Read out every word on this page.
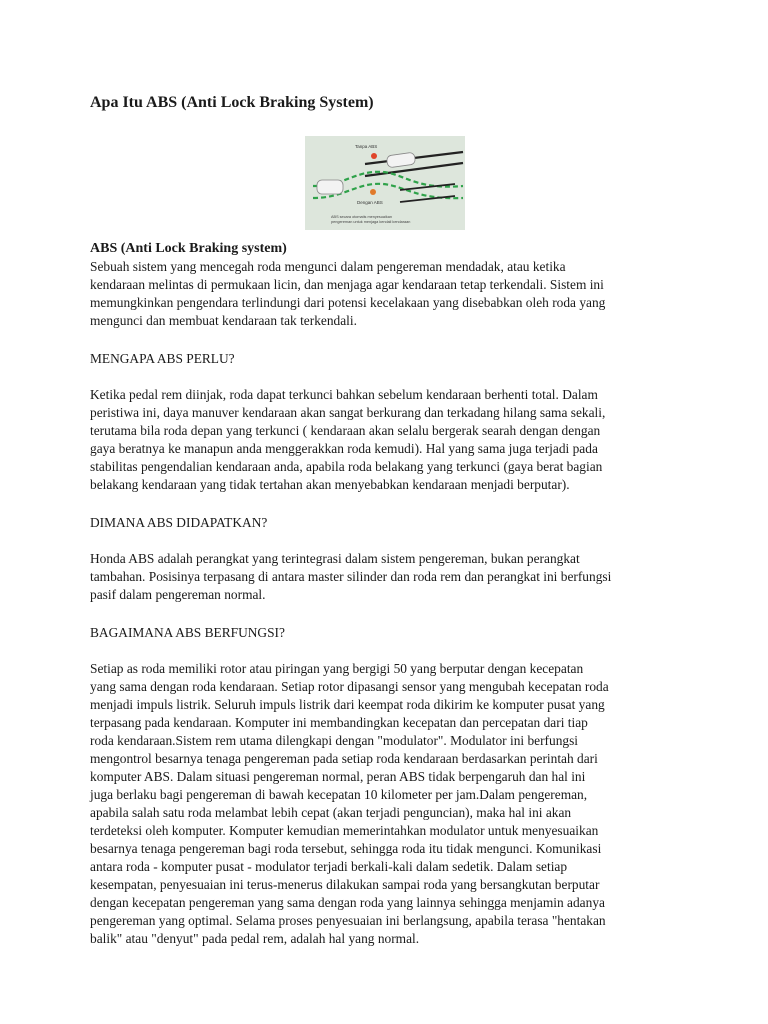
Apa Itu ABS (Anti Lock Braking System)
Tanpa ABS
Dengan ABS
ABS secara otomatis menyesuaikan
pengereman untuk menjaga kendali kendaraan
ABS (Anti Lock Braking system)

Sebuah sistem yang mencegah roda mengunci dalam pengereman mendadak, atau ketika
kendaraan melintas di permukaan licin, dan menjaga agar kendaraan tetap terkendali. Sistem ini
memungkinkan pengendara terlindungi dari potensi kecelakaan yang disebabkan oleh roda yang
mengunci dan membuat kendaraan tak terkendali.

MENGAPA ABS PERLU?

Ketika pedal rem diinjak, roda dapat terkunci bahkan sebelum kendaraan berhenti total. Dalam
peristiwa ini, daya manuver kendaraan akan sangat berkurang dan terkadang hilang sama sekali,
terutama bila roda depan yang terkunci ( kendaraan akan selalu bergerak searah dengan dengan
gaya beratnya ke manapun anda menggerakkan roda kemudi). Hal yang sama juga terjadi pada
stabilitas pengendalian kendaraan anda, apabila roda belakang yang terkunci (gaya berat bagian
belakang kendaraan yang tidak tertahan akan menyebabkan kendaraan menjadi berputar).

DIMANA ABS DIDAPATKAN?

Honda ABS adalah perangkat yang terintegrasi dalam sistem pengereman, bukan perangkat
tambahan. Posisinya terpasang di antara master silinder dan roda rem dan perangkat ini berfungsi
pasif dalam pengereman normal.

BAGAIMANA ABS BERFUNGSI?

Setiap as roda memiliki rotor atau piringan yang bergigi 50 yang berputar dengan kecepatan
yang sama dengan roda kendaraan. Setiap rotor dipasangi sensor yang mengubah kecepatan roda
menjadi impuls listrik. Seluruh impuls listrik dari keempat roda dikirim ke komputer pusat yang
terpasang pada kendaraan. Komputer ini membandingkan kecepatan dan percepatan dari tiap
roda kendaraan.Sistem rem utama dilengkapi dengan "modulator". Modulator ini berfungsi
mengontrol besarnya tenaga pengereman pada setiap roda kendaraan berdasarkan perintah dari
komputer ABS. Dalam situasi pengereman normal, peran ABS tidak berpengaruh dan hal ini
juga berlaku bagi pengereman di bawah kecepatan 10 kilometer per jam.Dalam pengereman,
apabila salah satu roda melambat lebih cepat (akan terjadi penguncian), maka hal ini akan
terdeteksi oleh komputer. Komputer kemudian memerintahkan modulator untuk menyesuaikan
besarnya tenaga pengereman bagi roda tersebut, sehingga roda itu tidak mengunci. Komunikasi
antara roda - komputer pusat - modulator terjadi berkali-kali dalam sedetik. Dalam setiap
kesempatan, penyesuaian ini terus-menerus dilakukan sampai roda yang bersangkutan berputar
dengan kecepatan pengereman yang sama dengan roda yang lainnya sehingga menjamin adanya
pengereman yang optimal. Selama proses penyesuaian ini berlangsung, apabila terasa "hentakan
balik" atau "denyut" pada pedal rem, adalah hal yang normal.
